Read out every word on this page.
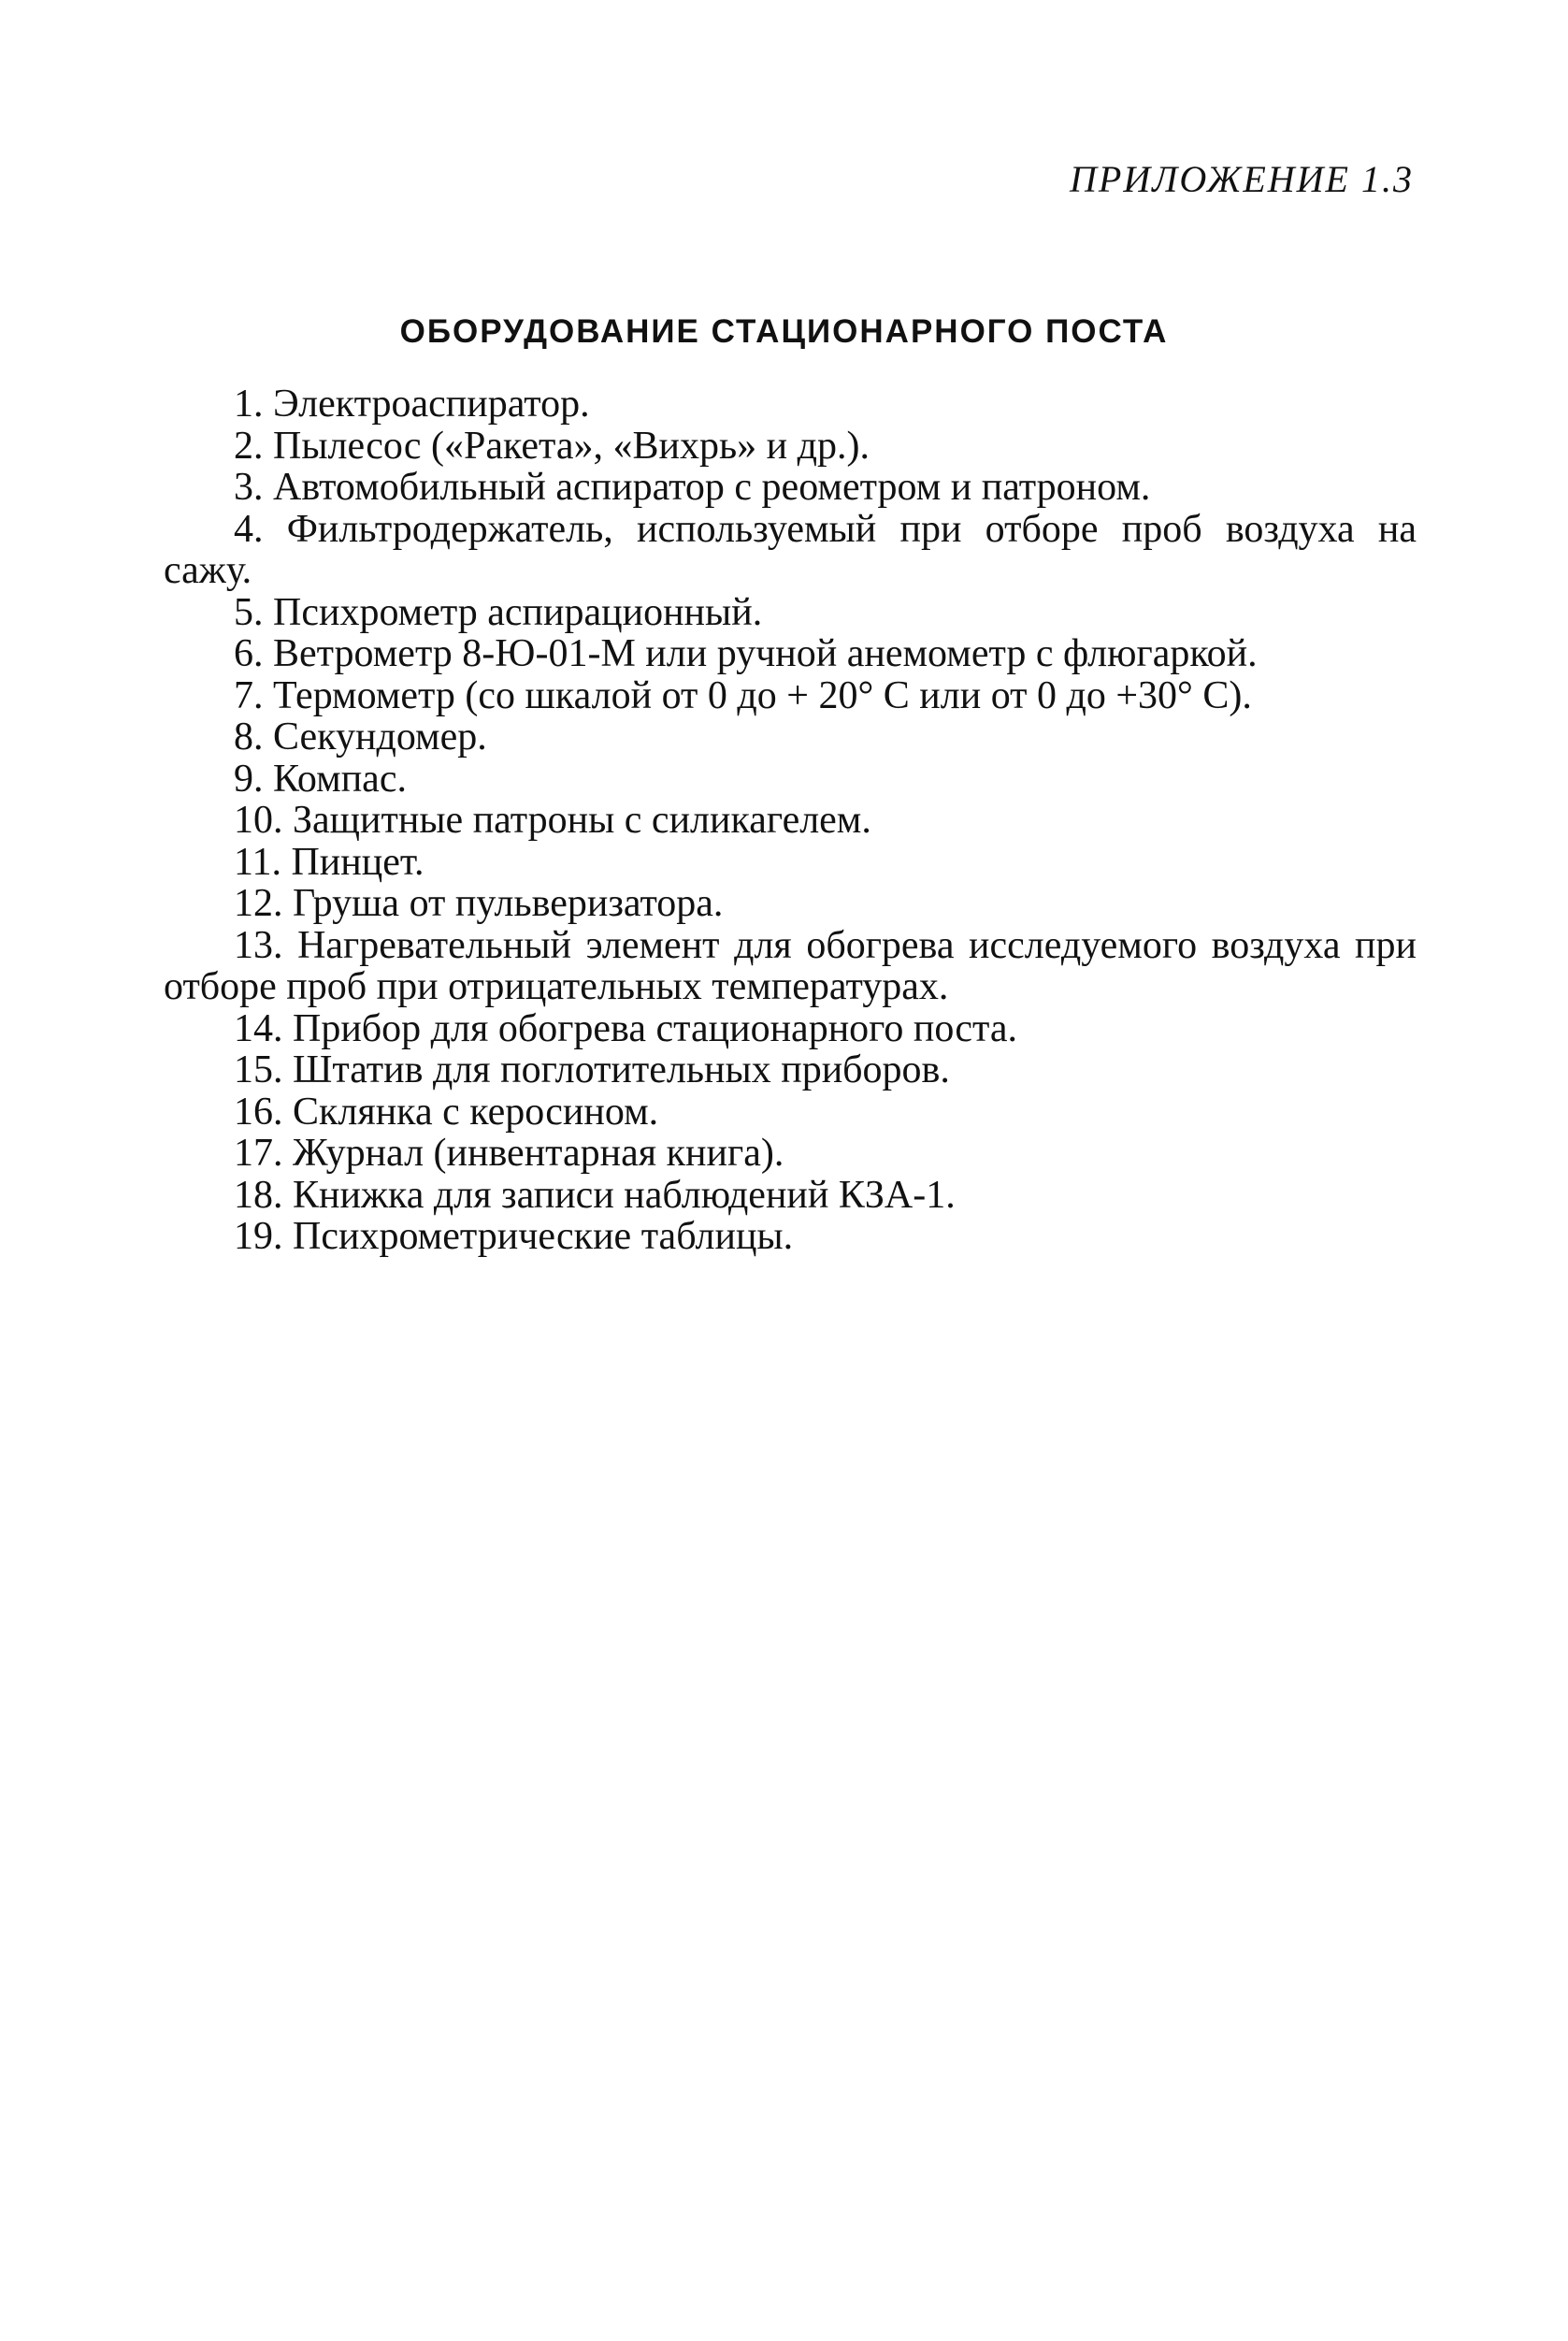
ПРИЛОЖЕНИЕ 1.3
ОБОРУДОВАНИЕ СТАЦИОНАРНОГО ПОСТА
1. Электроаспиратор.
2. Пылесос («Ракета», «Вихрь» и др.).
3. Автомобильный аспиратор с реометром и патроном.
4. Фильтродержатель, используемый при отборе проб воздуха на сажу.
5. Психрометр аспирационный.
6. Ветрометр 8-Ю-01-М или ручной анемометр с флюгаркой.
7. Термометр (со шкалой от 0 до + 20° С или от 0 до +30° С).
8. Секундомер.
9. Компас.
10. Защитные патроны с силикагелем.
11. Пинцет.
12. Груша от пульверизатора.
13. Нагревательный элемент для обогрева исследуемого воздуха при отборе проб при отрицательных температурах.
14. Прибор для обогрева стационарного поста.
15. Штатив для поглотительных приборов.
16. Склянка с керосином.
17. Журнал (инвентарная книга).
18. Книжка для записи наблюдений КЗА-1.
19. Психрометрические таблицы.
